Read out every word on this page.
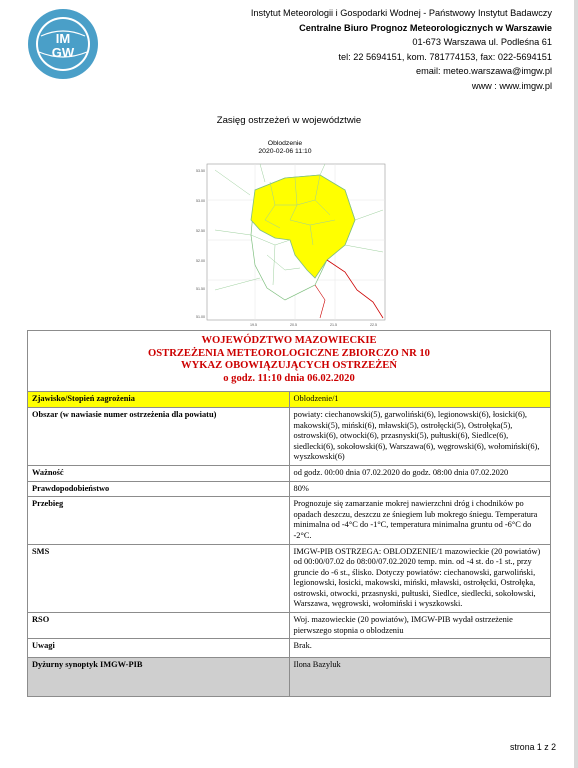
IM
GW
Instytut Meteorologii i Gospodarki Wodnej - Państwowy Instytut Badawczy
Centralne Biuro Prognoz Meteorologicznych w Warszawie
01-673 Warszawa ul. Podleśna 61
tel: 22 5694151, kom. 781774153, fax: 022-5694151
email: meteo.warszawa@imgw.pl
www : www.imgw.pl
Zasięg ostrzeżeń w województwie
Oblodzenie
2020-02-06 11:10
53.50
53.00
52.50
52.00
51.50
51.00
19.5	20.5	21.5	22.5
WOJEWÓDZTWO MAZOWIECKIE
OSTRZEŻENIA METEOROLOGICZNE ZBIORCZO NR 10
WYKAZ OBOWIĄZUJĄCYCH OSTRZEŻEŃ
o godz. 11:10 dnia 06.02.2020	

Zjawisko/Stopień zagrożenia	Oblodzenie/1
Obszar (w nawiasie numer ostrzeżenia dla powiatu)	powiaty: ciechanowski(5), garwoliński(6), legionowski(6), łosicki(6), makowski(5), miński(6), mławski(5), ostrołęcki(5), Ostrołęka(5), ostrowski(6), otwocki(6), przasnyski(5), pułtuski(6), Siedlce(6), siedlecki(6), sokołowski(6), Warszawa(6), węgrowski(6), wołomiński(6), wyszkowski(6)
Ważność	od godz. 00:00 dnia 07.02.2020 do godz. 08:00 dnia 07.02.2020
Prawdopodobieństwo	80%
Przebieg	Prognozuje się zamarzanie mokrej nawierzchni dróg i chodników po opadach deszczu, deszczu ze śniegiem lub mokrego śniegu. Temperatura minimalna od -4°C do -1°C, temperatura minimalna gruntu od -6°C do -2°C.
SMS	IMGW-PIB OSTRZEGA: OBLODZENIE/1 mazowieckie (20 powiatów) od 00:00/07.02 do 08:00/07.02.2020 temp. min. od -4 st. do -1 st., przy gruncie do -6 st., ślisko. Dotyczy powiatów: ciechanowski, garwoliński, legionowski, łosicki, makowski, miński, mławski, ostrołęcki, Ostrołęka, ostrowski, otwocki, przasnyski, pułtuski, Siedlce, siedlecki, sokołowski, Warszawa, węgrowski, wołomiński i wyszkowski.
RSO	Woj. mazowieckie (20 powiatów), IMGW-PIB wydał ostrzeżenie pierwszego stopnia o oblodzeniu
Uwagi	Brak.
Dyżurny synoptyk IMGW-PIB	Ilona Bazyluk
strona 1 z 2
